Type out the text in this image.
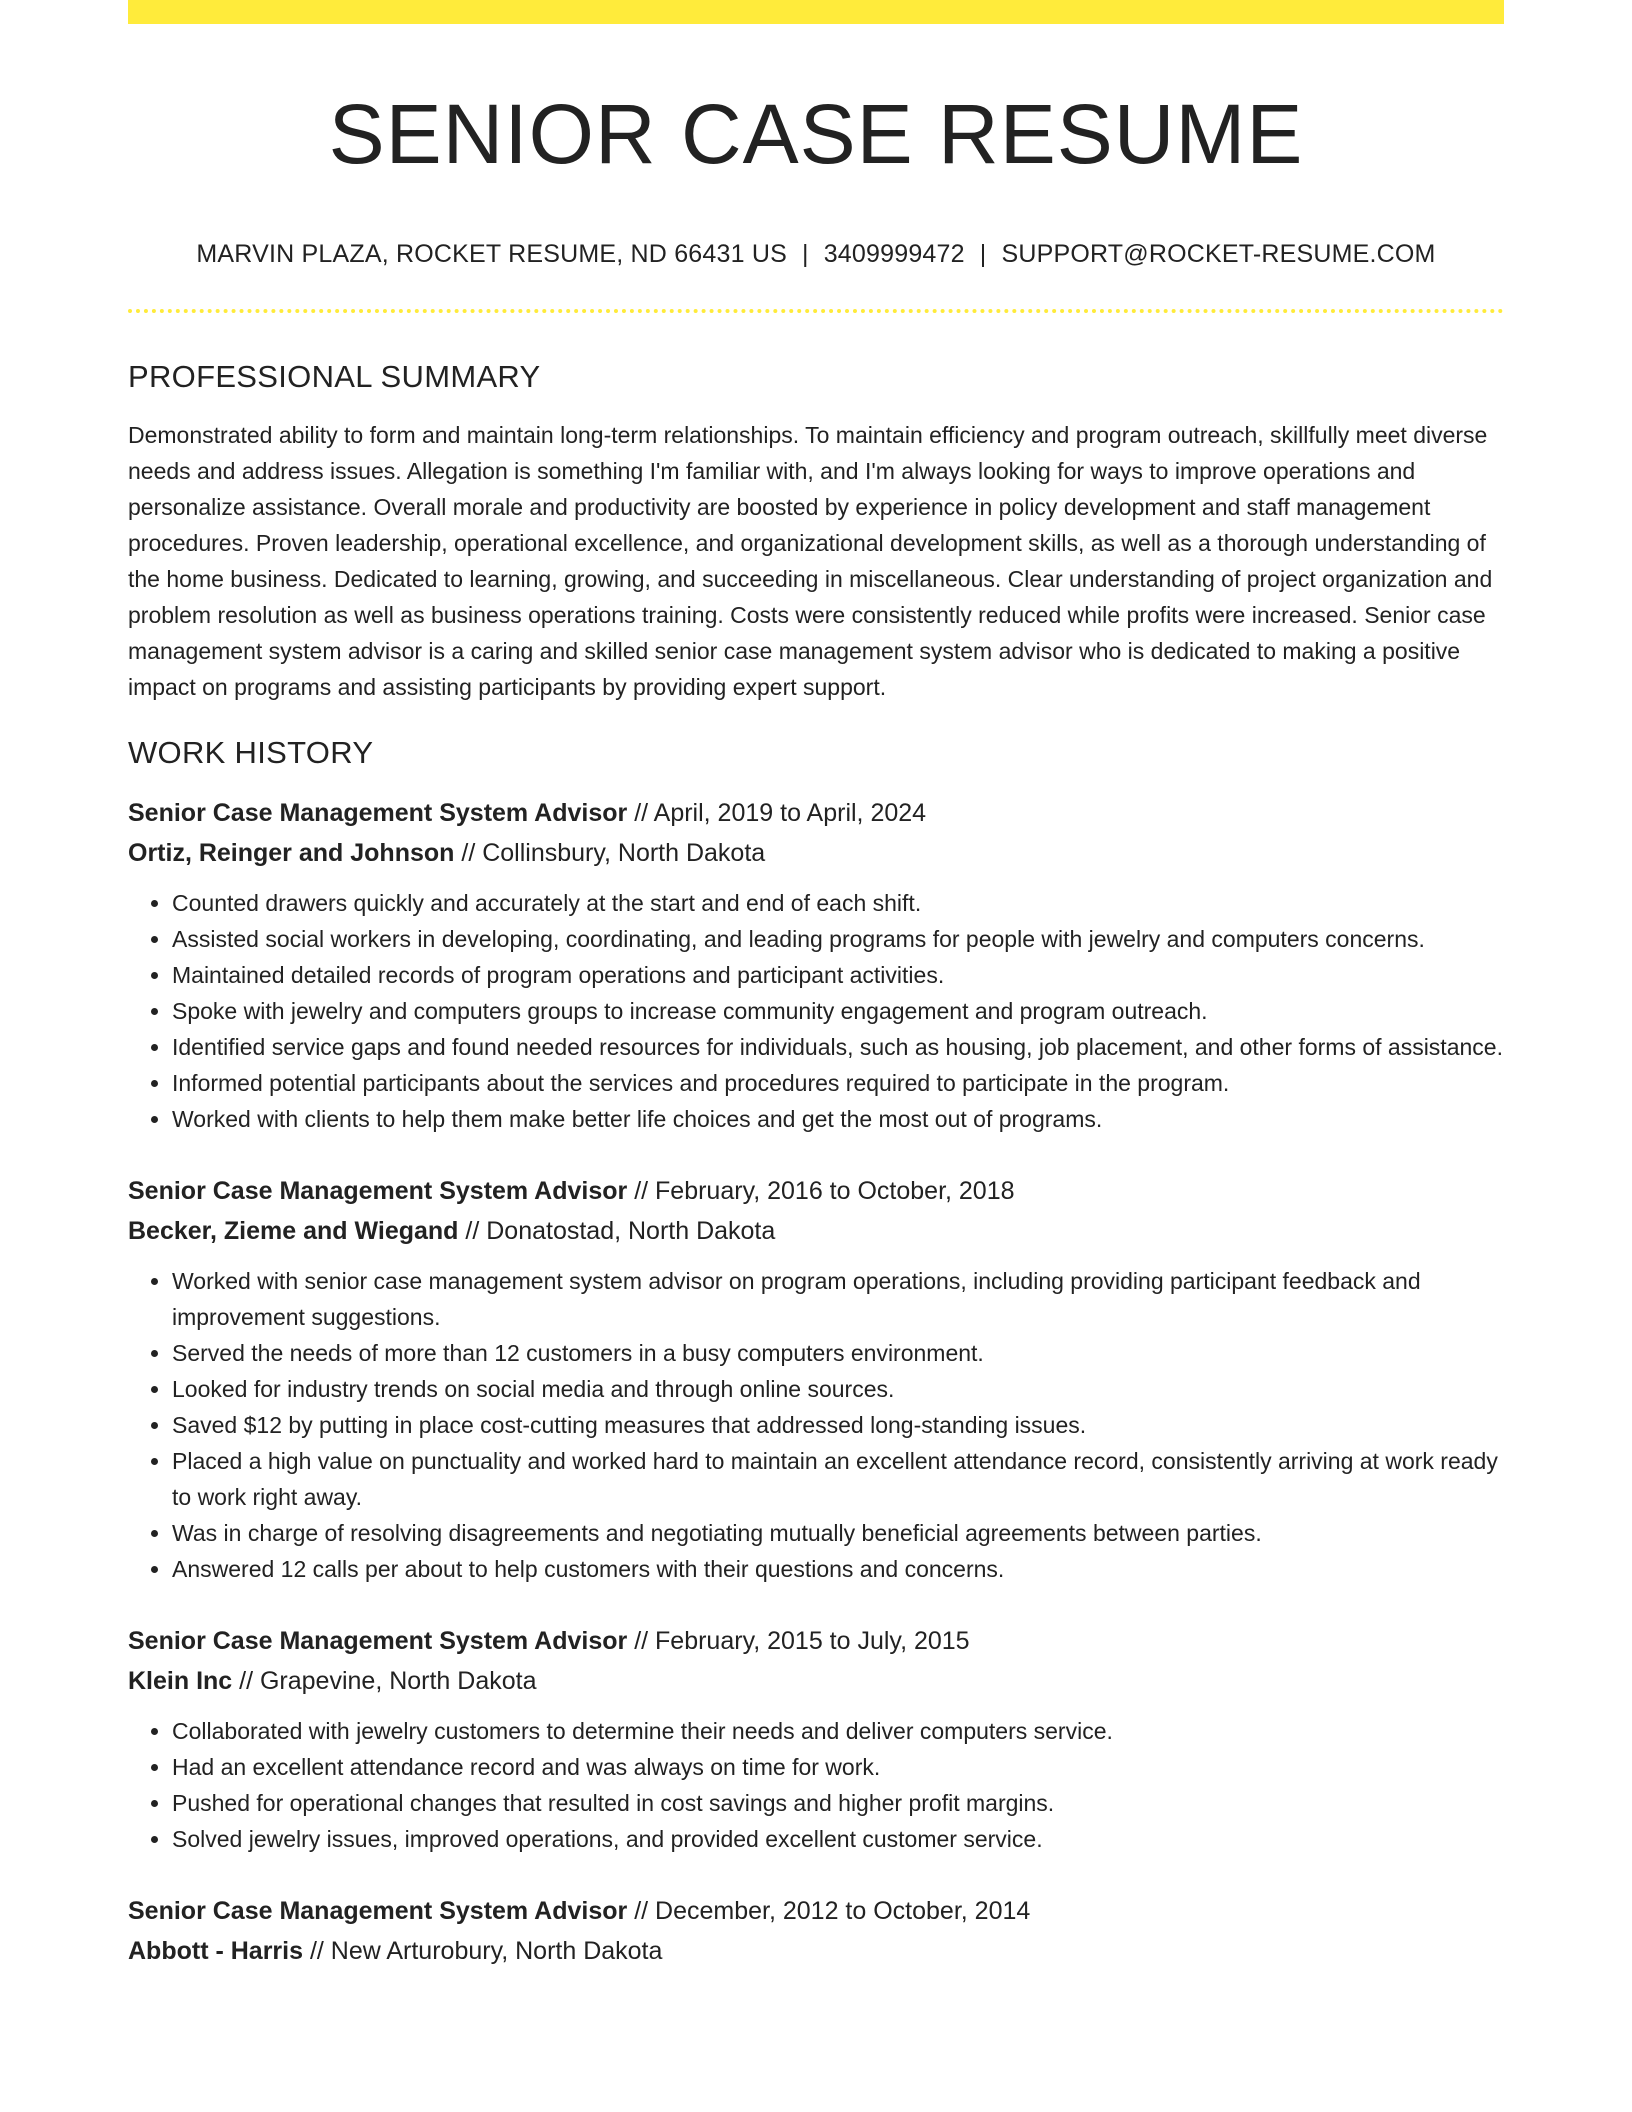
SENIOR CASE RESUME
MARVIN PLAZA, ROCKET RESUME, ND 66431 US | 3409999472 | SUPPORT@ROCKET-RESUME.COM
PROFESSIONAL SUMMARY

Demonstrated ability to form and maintain long-term relationships. To maintain efficiency and program outreach, skillfully meet diverse needs and address issues. Allegation is something I'm familiar with, and I'm always looking for ways to improve operations and personalize assistance. Overall morale and productivity are boosted by experience in policy development and staff management procedures. Proven leadership, operational excellence, and organizational development skills, as well as a thorough understanding of the home business. Dedicated to learning, growing, and succeeding in miscellaneous. Clear understanding of project organization and problem resolution as well as business operations training. Costs were consistently reduced while profits were increased. Senior case management system advisor is a caring and skilled senior case management system advisor who is dedicated to making a positive impact on programs and assisting participants by providing expert support.

WORK HISTORY
Senior Case Management System Advisor // April, 2019 to April, 2024
Ortiz, Reinger and Johnson // Collinsbury, North Dakota
• Counted drawers quickly and accurately at the start and end of each shift.
• Assisted social workers in developing, coordinating, and leading programs for people with jewelry and computers concerns.
• Maintained detailed records of program operations and participant activities.
• Spoke with jewelry and computers groups to increase community engagement and program outreach.
• Identified service gaps and found needed resources for individuals, such as housing, job placement, and other forms of assistance.
• Informed potential participants about the services and procedures required to participate in the program.
• Worked with clients to help them make better life choices and get the most out of programs.
Senior Case Management System Advisor // February, 2016 to October, 2018
Becker, Zieme and Wiegand // Donatostad, North Dakota
• Worked with senior case management system advisor on program operations, including providing participant feedback and improvement suggestions.
• Served the needs of more than 12 customers in a busy computers environment.
• Looked for industry trends on social media and through online sources.
• Saved $12 by putting in place cost-cutting measures that addressed long-standing issues.
• Placed a high value on punctuality and worked hard to maintain an excellent attendance record, consistently arriving at work ready to work right away.
• Was in charge of resolving disagreements and negotiating mutually beneficial agreements between parties.
• Answered 12 calls per about to help customers with their questions and concerns.
Senior Case Management System Advisor // February, 2015 to July, 2015
Klein Inc // Grapevine, North Dakota
• Collaborated with jewelry customers to determine their needs and deliver computers service.
• Had an excellent attendance record and was always on time for work.
• Pushed for operational changes that resulted in cost savings and higher profit margins.
• Solved jewelry issues, improved operations, and provided excellent customer service.
Senior Case Management System Advisor // December, 2012 to October, 2014
Abbott - Harris // New Arturobury, North Dakota
